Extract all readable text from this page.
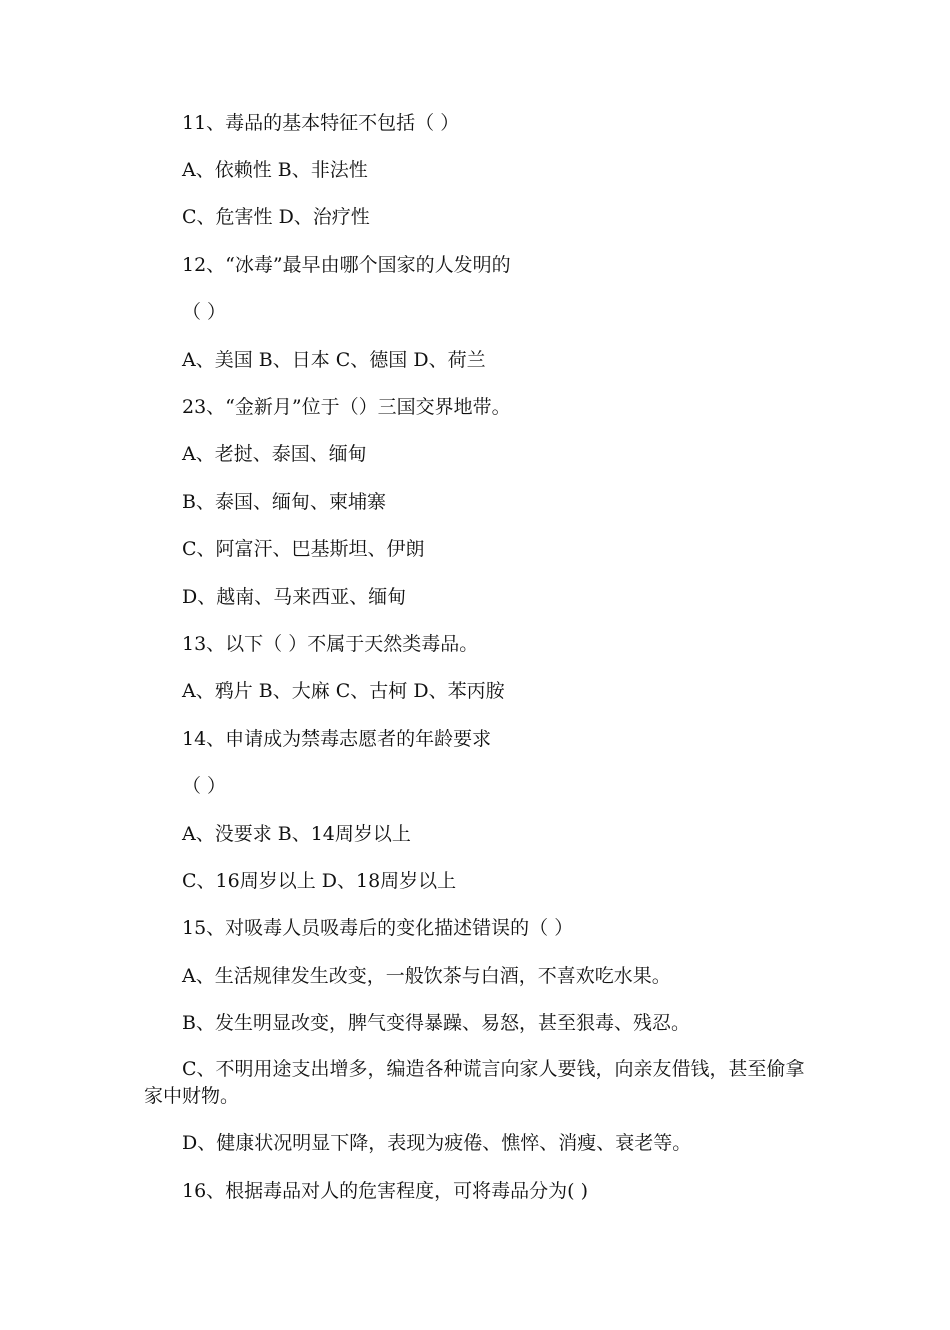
11、毒品的基本特征不包括（ ）
A、依赖性 B、非法性
C、危害性 D、治疗性
12、“冰毒”最早由哪个国家的人发明的
（ ）
A、美国 B、日本 C、德国 D、荷兰
23、“金新月”位于（）三国交界地带。
A、老挝、泰国、缅甸
B、泰国、缅甸、柬埔寨
C、阿富汗、巴基斯坦、伊朗
D、越南、马来西亚、缅甸
13、以下（ ）不属于天然类毒品。
A、鸦片 B、大麻 C、古柯 D、苯丙胺
14、申请成为禁毒志愿者的年龄要求
（ ）
A、没要求 B、14周岁以上
C、16周岁以上 D、18周岁以上
15、对吸毒人员吸毒后的变化描述错误的（ ）
A、生活规律发生改变，一般饮茶与白酒，不喜欢吃水果。
B、发生明显改变，脾气变得暴躁、易怒，甚至狠毒、残忍。
C、不明用途支出增多，编造各种谎言向家人要钱，向亲友借钱，甚至偷拿家中财物。
D、健康状况明显下降，表现为疲倦、憔悴、消瘦、衰老等。
16、根据毒品对人的危害程度，可将毒品分为( )
